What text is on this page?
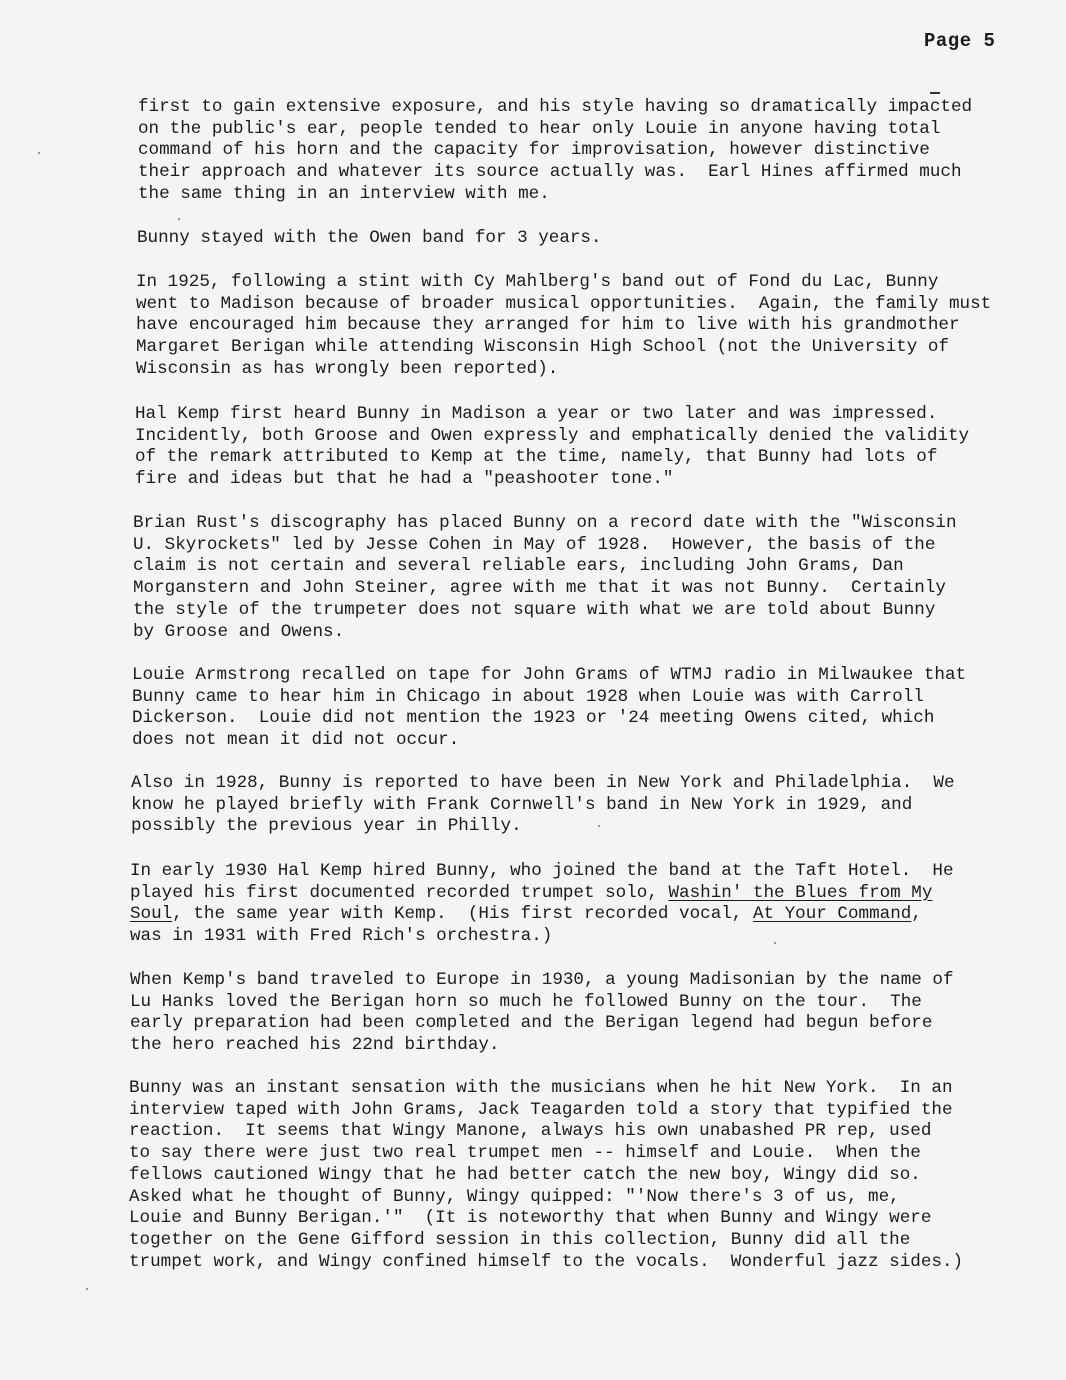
Page 5

first to gain extensive exposure, and his style having so dramatically impacted
on the public's ear, people tended to hear only Louie in anyone having total
command of his horn and the capacity for improvisation, however distinctive
their approach and whatever its source actually was.  Earl Hines affirmed much
the same thing in an interview with me.

Bunny stayed with the Owen band for 3 years.

In 1925, following a stint with Cy Mahlberg's band out of Fond du Lac, Bunny
went to Madison because of broader musical opportunities.  Again, the family must
have encouraged him because they arranged for him to live with his grandmother
Margaret Berigan while attending Wisconsin High School (not the University of
Wisconsin as has wrongly been reported).

Hal Kemp first heard Bunny in Madison a year or two later and was impressed.
Incidently, both Groose and Owen expressly and emphatically denied the validity
of the remark attributed to Kemp at the time, namely, that Bunny had lots of
fire and ideas but that he had a "peashooter tone."

Brian Rust's discography has placed Bunny on a record date with the "Wisconsin
U. Skyrockets" led by Jesse Cohen in May of 1928.  However, the basis of the
claim is not certain and several reliable ears, including John Grams, Dan
Morganstern and John Steiner, agree with me that it was not Bunny.  Certainly
the style of the trumpeter does not square with what we are told about Bunny
by Groose and Owens.

Louie Armstrong recalled on tape for John Grams of WTMJ radio in Milwaukee that
Bunny came to hear him in Chicago in about 1928 when Louie was with Carroll
Dickerson.  Louie did not mention the 1923 or '24 meeting Owens cited, which
does not mean it did not occur.

Also in 1928, Bunny is reported to have been in New York and Philadelphia.  We
know he played briefly with Frank Cornwell's band in New York in 1929, and
possibly the previous year in Philly.

In early 1930 Hal Kemp hired Bunny, who joined the band at the Taft Hotel.  He
played his first documented recorded trumpet solo, Washin' the Blues from My
Soul, the same year with Kemp.  (His first recorded vocal, At Your Command,
was in 1931 with Fred Rich's orchestra.)

When Kemp's band traveled to Europe in 1930, a young Madisonian by the name of
Lu Hanks loved the Berigan horn so much he followed Bunny on the tour.  The
early preparation had been completed and the Berigan legend had begun before
the hero reached his 22nd birthday.

Bunny was an instant sensation with the musicians when he hit New York.  In an
interview taped with John Grams, Jack Teagarden told a story that typified the
reaction.  It seems that Wingy Manone, always his own unabashed PR rep, used
to say there were just two real trumpet men -- himself and Louie.  When the
fellows cautioned Wingy that he had better catch the new boy, Wingy did so.
Asked what he thought of Bunny, Wingy quipped: "'Now there's 3 of us, me,
Louie and Bunny Berigan.'"  (It is noteworthy that when Bunny and Wingy were
together on the Gene Gifford session in this collection, Bunny did all the
trumpet work, and Wingy confined himself to the vocals.  Wonderful jazz sides.)
